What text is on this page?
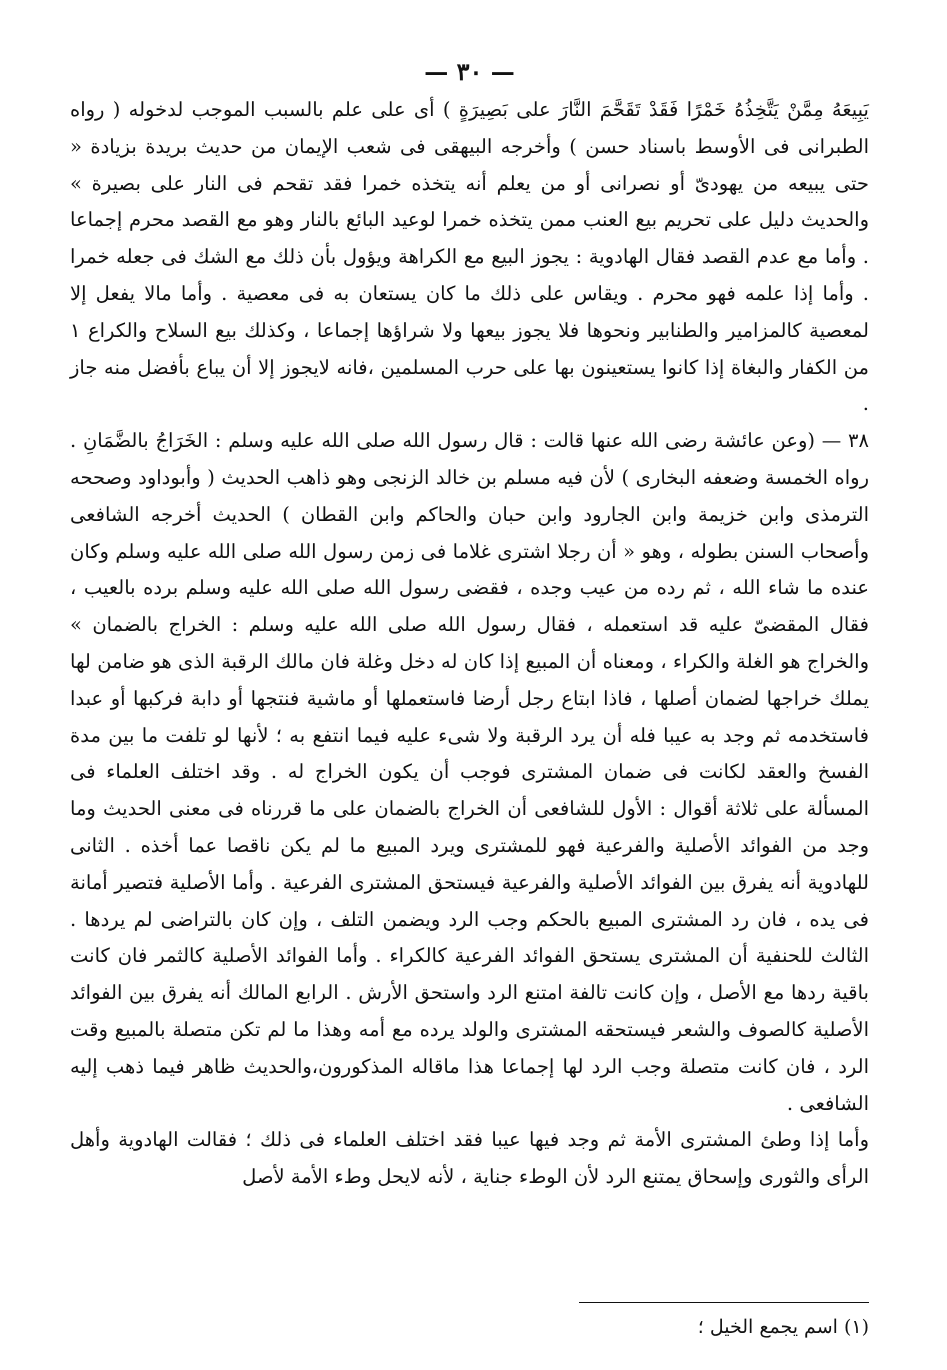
— ٣٠ —

يَبِيعَهُ مِمَّنْ يَتَّخِذُهُ خَمْرًا فَقَدْ تَقَحَّمَ النَّارَ على بَصِيرَةٍ ) أى على علم بالسبب الموجب لدخوله ( رواه الطبرانى فى الأوسط باسناد حسن ) وأخرجه البيهقى فى شعب الإيمان من حديث بريدة بزيادة « حتى يبيعه من يهودىّ أو نصرانى أو من يعلم أنه يتخذه خمرا فقد تقحم فى النار على بصيرة » والحديث دليل على تحريم بيع العنب ممن يتخذه خمرا لوعيد البائع بالنار وهو مع القصد محرم إجماعا . وأما مع عدم القصد فقال الهادوية : يجوز البيع مع الكراهة ويؤول بأن ذلك مع الشك فى جعله خمرا . وأما إذا علمه فهو محرم . ويقاس على ذلك ما كان يستعان به فى معصية . وأما مالا يفعل إلا لمعصية كالمزامير والطنابير ونحوها فلا يجوز بيعها ولا شراؤها إجماعا ، وكذلك بيع السلاح والكراع ١ من الكفار والبغاة إذا كانوا يستعينون بها على حرب المسلمين ،فانه لايجوز إلا أن يباع بأفضل منه جاز .

٣٨ — (وعن عائشة رضى الله عنها قالت : قال رسول الله صلى الله عليه وسلم : الخَرَاجُ بالضَّمَانِ . رواه الخمسة وضعفه البخارى ) لأن فيه مسلم بن خالد الزنجى وهو ذاهب الحديث ( وأبوداود وصححه الترمذى وابن خزيمة وابن الجارود وابن حبان والحاكم وابن القطان ) الحديث أخرجه الشافعى وأصحاب السنن بطوله ، وهو « أن رجلا اشترى غلاما فى زمن رسول الله صلى الله عليه وسلم وكان عنده ما شاء الله ، ثم رده من عيب وجده ، فقضى رسول الله صلى الله عليه وسلم برده بالعيب ، فقال المقضىّ عليه قد استعمله ، فقال رسول الله صلى الله عليه وسلم : الخراج بالضمان » والخراج هو الغلة والكراء ، ومعناه أن المبيع إذا كان له دخل وغلة فان مالك الرقبة الذى هو ضامن لها يملك خراجها لضمان أصلها ، فاذا ابتاع رجل أرضا فاستعملها أو ماشية فنتجها أو دابة فركبها أو عبدا فاستخدمه ثم وجد به عيبا فله أن يرد الرقبة ولا شىء عليه فيما انتفع به ؛ لأنها لو تلفت ما بين مدة الفسخ والعقد لكانت فى ضمان المشترى فوجب أن يكون الخراج له . وقد اختلف العلماء فى المسألة على ثلاثة أقوال : الأول للشافعى أن الخراج بالضمان على ما قررناه فى معنى الحديث وما وجد من الفوائد الأصلية والفرعية فهو للمشترى ويرد المبيع ما لم يكن ناقصا عما أخذه . الثانى للهادوية أنه يفرق بين الفوائد الأصلية والفرعية فيستحق المشترى الفرعية . وأما الأصلية فتصير أمانة فى يده ، فان رد المشترى المبيع بالحكم وجب الرد ويضمن التلف ، وإن كان بالتراضى لم يردها . الثالث للحنفية أن المشترى يستحق الفوائد الفرعية كالكراء . وأما الفوائد الأصلية كالثمر فان كانت باقية ردها مع الأصل ، وإن كانت تالفة امتنع الرد واستحق الأرش . الرابع المالك أنه يفرق بين الفوائد الأصلية كالصوف والشعر فيستحقه المشترى والولد يرده مع أمه وهذا ما لم تكن متصلة بالمبيع وقت الرد ، فان كانت متصلة وجب الرد لها إجماعا هذا ماقاله المذكورون،والحديث ظاهر فيما ذهب إليه الشافعى .

وأما إذا وطئ المشترى الأمة ثم وجد فيها عيبا فقد اختلف العلماء فى ذلك ؛ فقالت الهادوية وأهل الرأى والثورى وإسحاق يمتنع الرد لأن الوطء جناية ، لأنه لايحل وطء الأمة لأصل

(١) اسم يجمع الخيل ؛
